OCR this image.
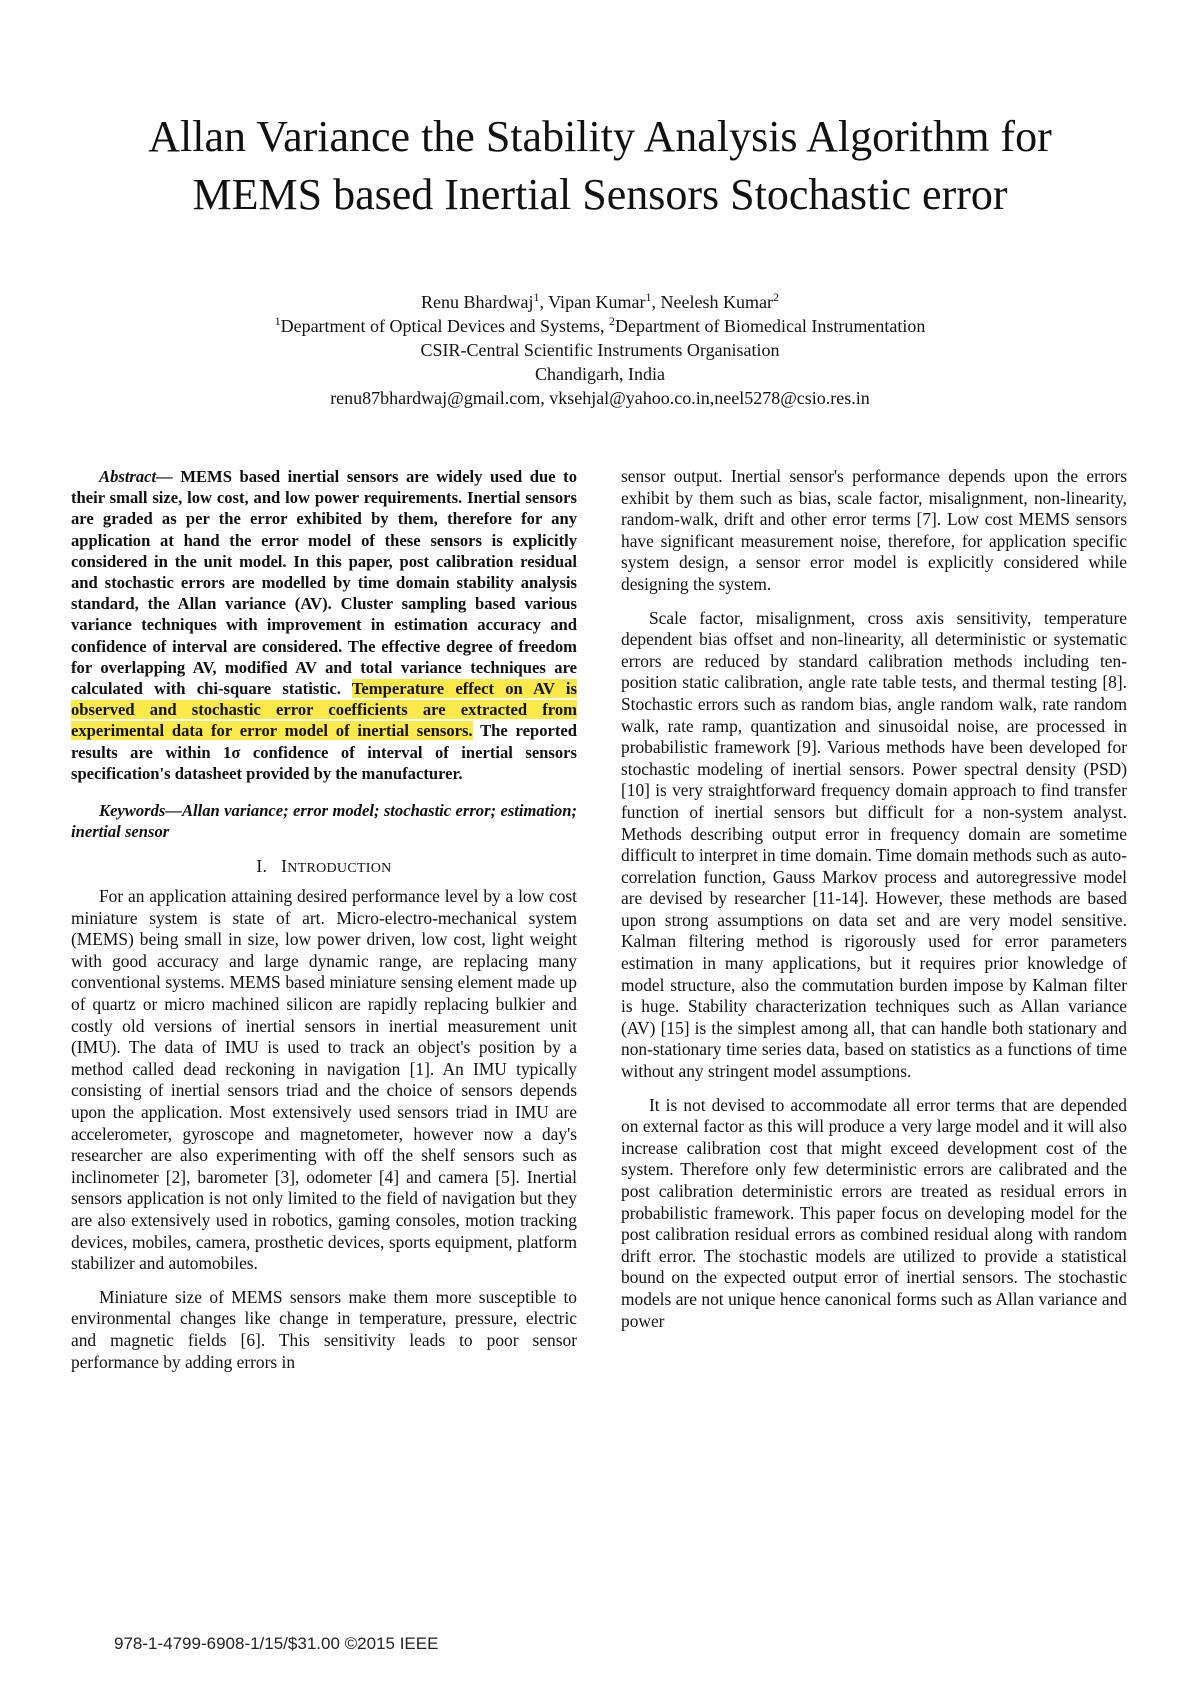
Allan Variance the Stability Analysis Algorithm for
MEMS based Inertial Sensors Stochastic error
Renu Bhardwaj$^1$, Vipan Kumar$^1$, Neelesh Kumar$^2$
$^1$Department of Optical Devices and Systems, $^2$Department of Biomedical Instrumentation
CSIR-Central Scientific Instruments Organisation
Chandigarh, India
renu87bhardwaj@gmail.com, vksehjal@yahoo.co.in,neel5278@csio.res.in

Abstract— MEMS based inertial sensors are widely used due to their small size, low cost, and low power requirements. Inertial sensors are graded as per the error exhibited by them, therefore for any application at hand the error model of these sensors is explicitly considered in the unit model. In this paper, post calibration residual and stochastic errors are modelled by time domain stability analysis standard, the Allan variance (AV). Cluster sampling based various variance techniques with improvement in estimation accuracy and confidence of interval are considered. The effective degree of freedom for overlapping AV, modified AV and total variance techniques are calculated with chi-square statistic. Temperature effect on AV is observed and stochastic error coefficients are extracted from experimental data for error model of inertial sensors. The reported results are within 1σ confidence of interval of inertial sensors specification's datasheet provided by the manufacturer.

Keywords—Allan variance; error model; stochastic error; estimation; inertial sensor

I. INTRODUCTION

For an application attaining desired performance level by a low cost miniature system is state of art. Micro-electro-mechanical system (MEMS) being small in size, low power driven, low cost, light weight with good accuracy and large dynamic range, are replacing many conventional systems. MEMS based miniature sensing element made up of quartz or micro machined silicon are rapidly replacing bulkier and costly old versions of inertial sensors in inertial measurement unit (IMU). The data of IMU is used to track an object's position by a method called dead reckoning in navigation [1]. An IMU typically consisting of inertial sensors triad and the choice of sensors depends upon the application. Most extensively used sensors triad in IMU are accelerometer, gyroscope and magnetometer, however now a day's researcher are also experimenting with off the shelf sensors such as inclinometer [2], barometer [3], odometer [4] and camera [5]. Inertial sensors application is not only limited to the field of navigation but they are also extensively used in robotics, gaming consoles, motion tracking devices, mobiles, camera, prosthetic devices, sports equipment, platform stabilizer and automobiles.

Miniature size of MEMS sensors make them more susceptible to environmental changes like change in temperature, pressure, electric and magnetic fields [6]. This sensitivity leads to poor sensor performance by adding errors in

sensor output. Inertial sensor's performance depends upon the errors exhibit by them such as bias, scale factor, misalignment, non-linearity, random-walk, drift and other error terms [7]. Low cost MEMS sensors have significant measurement noise, therefore, for application specific system design, a sensor error model is explicitly considered while designing the system.

Scale factor, misalignment, cross axis sensitivity, temperature dependent bias offset and non-linearity, all deterministic or systematic errors are reduced by standard calibration methods including ten-position static calibration, angle rate table tests, and thermal testing [8]. Stochastic errors such as random bias, angle random walk, rate random walk, rate ramp, quantization and sinusoidal noise, are processed in probabilistic framework [9]. Various methods have been developed for stochastic modeling of inertial sensors. Power spectral density (PSD) [10] is very straightforward frequency domain approach to find transfer function of inertial sensors but difficult for a non-system analyst. Methods describing output error in frequency domain are sometime difficult to interpret in time domain. Time domain methods such as auto-correlation function, Gauss Markov process and autoregressive model are devised by researcher [11-14]. However, these methods are based upon strong assumptions on data set and are very model sensitive. Kalman filtering method is rigorously used for error parameters estimation in many applications, but it requires prior knowledge of model structure, also the commutation burden impose by Kalman filter is huge. Stability characterization techniques such as Allan variance (AV) [15] is the simplest among all, that can handle both stationary and non-stationary time series data, based on statistics as a functions of time without any stringent model assumptions.

It is not devised to accommodate all error terms that are depended on external factor as this will produce a very large model and it will also increase calibration cost that might exceed development cost of the system. Therefore only few deterministic errors are calibrated and the post calibration deterministic errors are treated as residual errors in probabilistic framework. This paper focus on developing model for the post calibration residual errors as combined residual along with random drift error. The stochastic models are utilized to provide a statistical bound on the expected output error of inertial sensors. The stochastic models are not unique hence canonical forms such as Allan variance and power

978-1-4799-6908-1/15/$31.00 ©2015 IEEE
